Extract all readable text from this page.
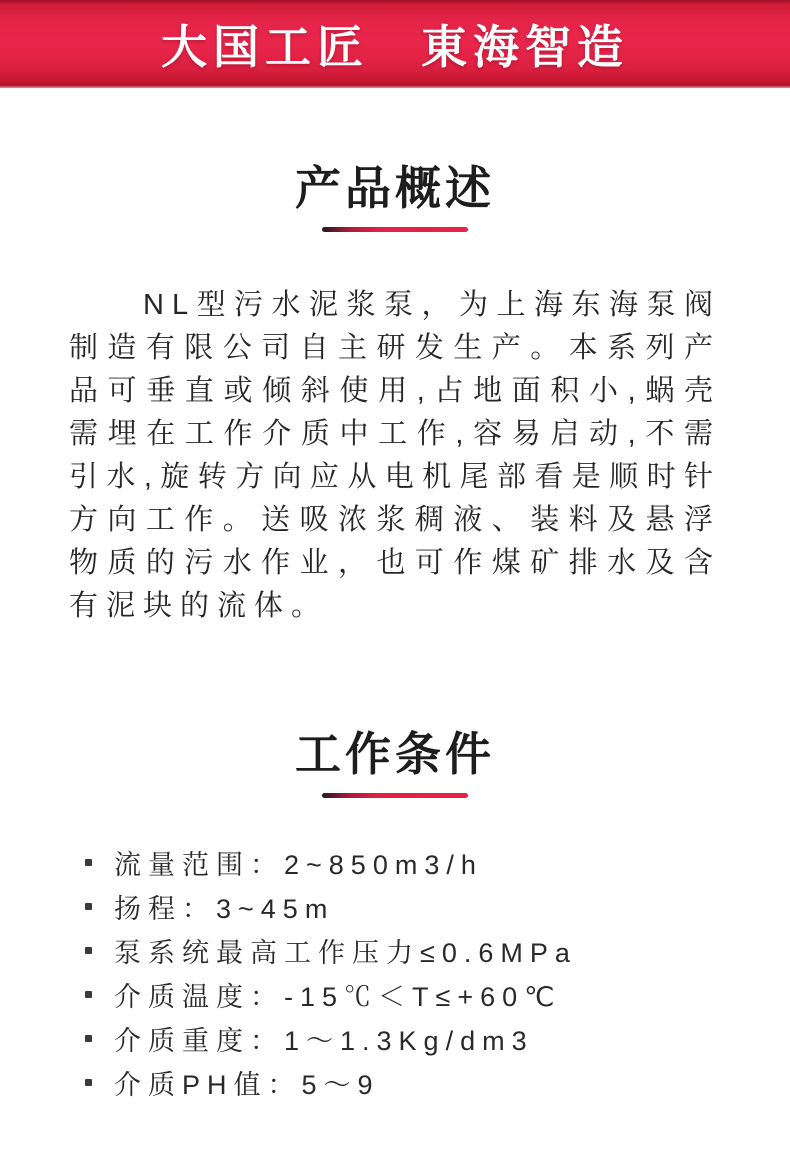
大国工匠　東海智造
产品概述

NL型污水泥浆泵，为上海东海泵阀制造有限公司自主研发生产。本系列产品可垂直或倾斜使用,占地面积小,蜗壳需埋在工作介质中工作,容易启动,不需引水,旋转方向应从电机尾部看是顺时针方向工作。送吸浓浆稠液、装料及悬浮物质的污水作业，也可作煤矿排水及含有泥块的流体。

工作条件
流量范围：2~850m3/h
扬程：3~45m
泵系统最高工作压力≤0.6MPa
介质温度：-15℃＜T≤+60℃
介质重度：1～1.3Kg/dm3
介质PH值：5～9
